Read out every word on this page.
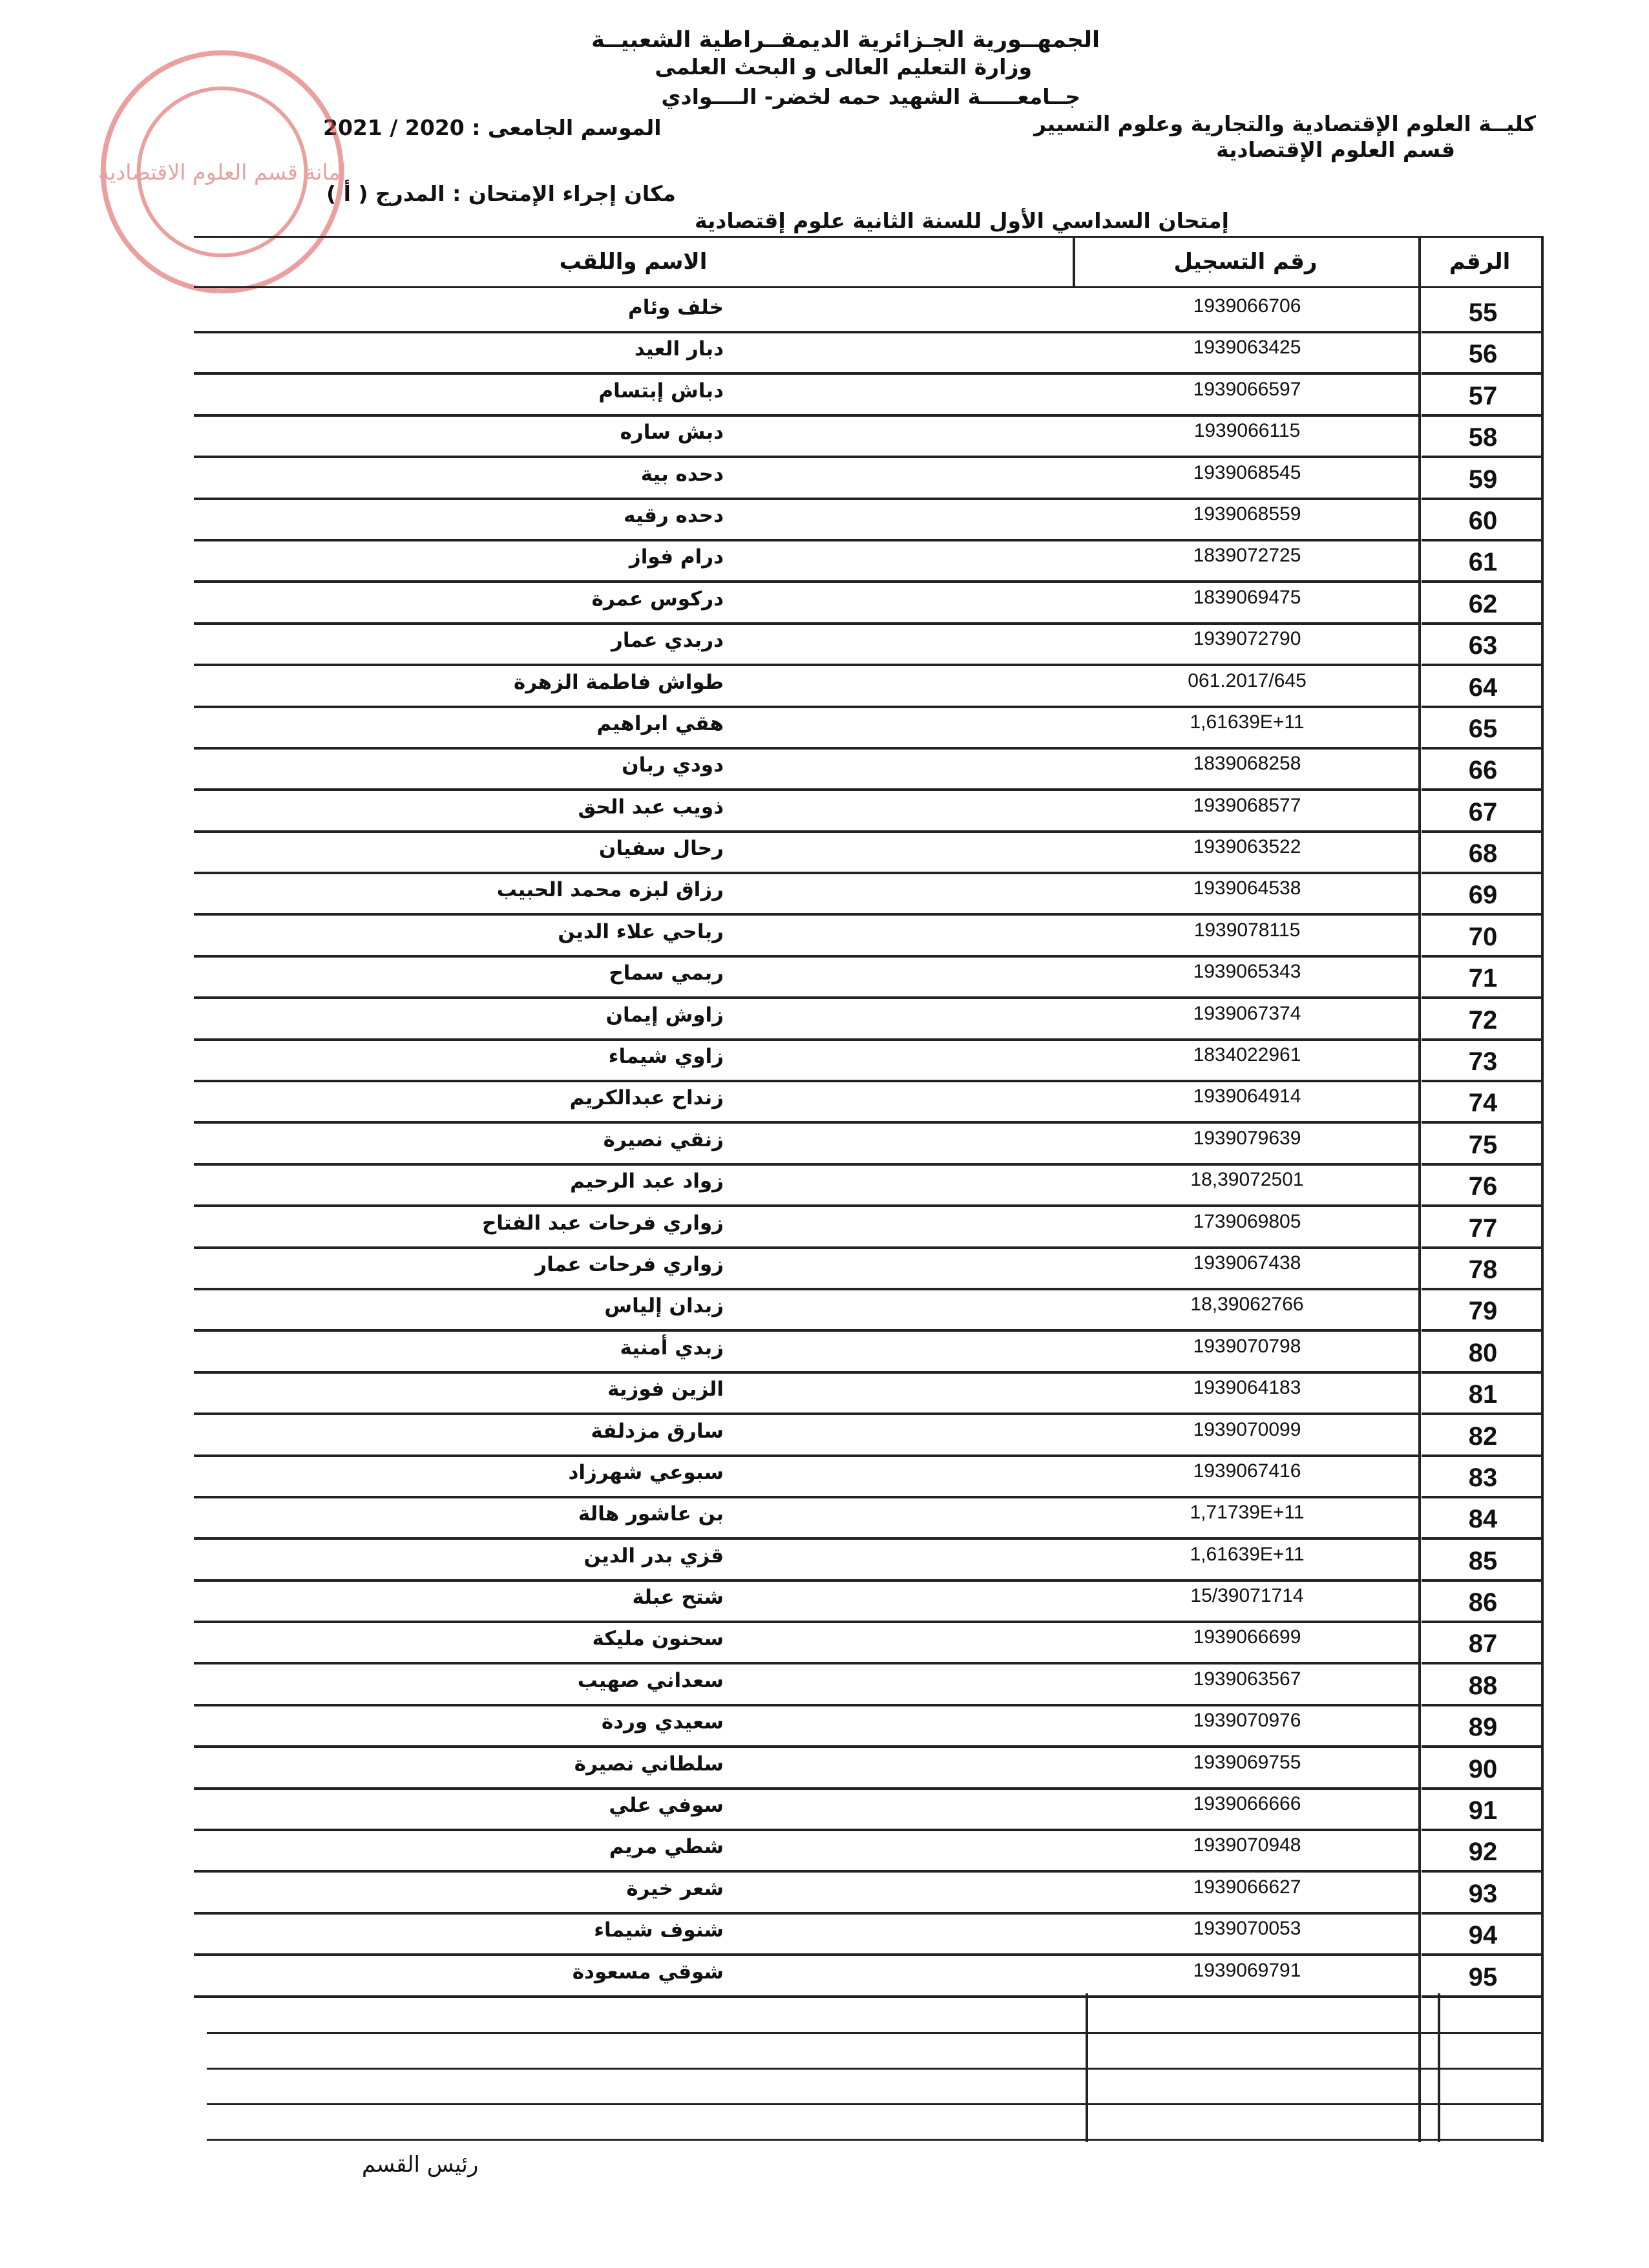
الجمهــورية الجـزائرية الديمقــراطية الشعبيــة
وزارة التعليم العالى و البحث العلمى
جــامعـــــة الشهيد حمه لخضر- الــــوادي
كليــة العلوم الإقتصادية والتجارية وعلوم التسيير
قسم العلوم الإقتصادية
الموسم الجامعى : 2020 / 2021
مكان إجراء الإمتحان : المدرج ( أ )
إمتحان السداسي الأول للسنة الثانية علوم إقتصادية
امانة قسم العلوم الاقتصادية
الرقم
رقم التسجيل
الاسم واللقب
55
1939066706
خلف وئام
56
1939063425
دبار العيد
57
1939066597
دباش إبتسام
58
1939066115
دبش ساره
59
1939068545
دحده بية
60
1939068559
دحده رقيه
61
1839072725
درام فواز
62
1839069475
دركوس عمرة
63
1939072790
دربدي عمار
64
061.2017/645
طواش فاطمة الزهرة
65
1,61639E+11
هقي ابراهيم
66
1839068258
دودي ربان
67
1939068577
ذويب عبد الحق
68
1939063522
رحال سفيان
69
1939064538
رزاق لبزه محمد الحبيب
70
1939078115
رباحي علاء الدين
71
1939065343
ربمي سماح
72
1939067374
زاوش إيمان
73
1834022961
زاوي شيماء
74
1939064914
زنداح عبدالكريم
75
1939079639
زنقي نصيرة
76
18,39072501
زواد عبد الرحيم
77
1739069805
زواري فرحات عبد الفتاح
78
1939067438
زواري فرحات عمار
79
18,39062766
زبدان إلياس
80
1939070798
زبدي أمنية
81
1939064183
الزين فوزية
82
1939070099
سارق مزدلفة
83
1939067416
سبوعي شهرزاد
84
1,71739E+11
بن عاشور هالة
85
1,61639E+11
قزي بدر الدين
86
15/39071714
شتح عبلة
87
1939066699
سحنون مليكة
88
1939063567
سعداني صهيب
89
1939070976
سعيدي وردة
90
1939069755
سلطاني نصيرة
91
1939066666
سوفي علي
92
1939070948
شطي مريم
93
1939066627
شعر خيرة
94
1939070053
شنوف شيماء
95
1939069791
شوقي مسعودة
رئيس القسم
